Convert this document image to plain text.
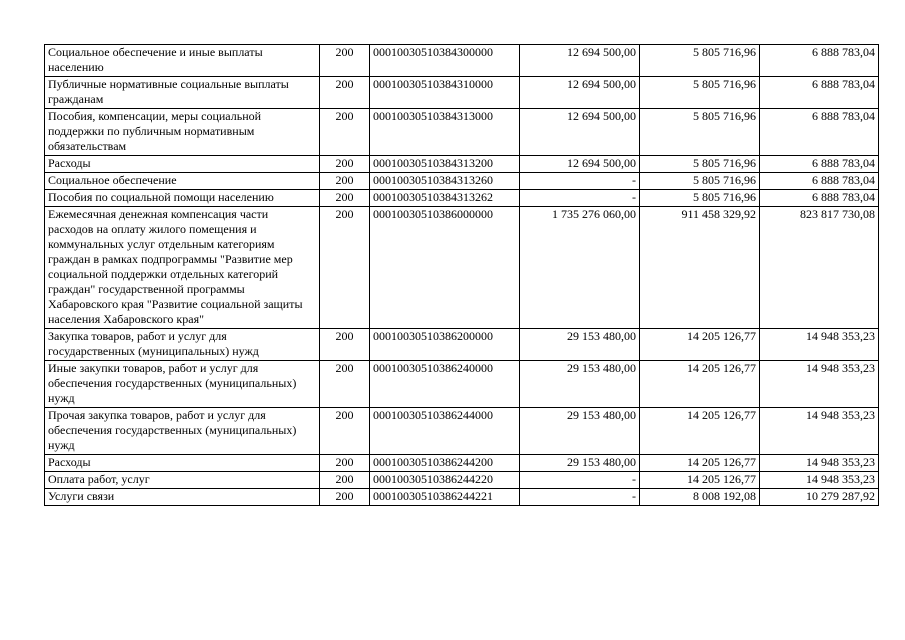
Социальное обеспечение и иные выплаты населению	200	00010030510384300000	12 694 500,00	5 805 716,96	6 888 783,04
Публичные нормативные социальные выплаты гражданам	200	00010030510384310000	12 694 500,00	5 805 716,96	6 888 783,04
Пособия, компенсации, меры социальной поддержки по публичным нормативным обязательствам	200	00010030510384313000	12 694 500,00	5 805 716,96	6 888 783,04
Расходы	200	00010030510384313200	12 694 500,00	5 805 716,96	6 888 783,04
Социальное обеспечение	200	00010030510384313260	-	5 805 716,96	6 888 783,04
Пособия по социальной помощи населению	200	00010030510384313262	-	5 805 716,96	6 888 783,04
Ежемесячная денежная компенсация части расходов на оплату жилого помещения и коммунальных услуг отдельным категориям граждан в рамках подпрограммы "Развитие мер социальной поддержки отдельных категорий граждан" государственной программы Хабаровского края "Развитие социальной защиты населения Хабаровского края"	200	00010030510386000000	1 735 276 060,00	911 458 329,92	823 817 730,08
Закупка товаров, работ и услуг для государственных (муниципальных) нужд	200	00010030510386200000	29 153 480,00	14 205 126,77	14 948 353,23
Иные закупки товаров, работ и услуг для обеспечения государственных (муниципальных) нужд	200	00010030510386240000	29 153 480,00	14 205 126,77	14 948 353,23
Прочая закупка товаров, работ и услуг для обеспечения государственных (муниципальных) нужд	200	00010030510386244000	29 153 480,00	14 205 126,77	14 948 353,23
Расходы	200	00010030510386244200	29 153 480,00	14 205 126,77	14 948 353,23
Оплата работ, услуг	200	00010030510386244220	-	14 205 126,77	14 948 353,23
Услуги связи	200	00010030510386244221	-	8 008 192,08	10 279 287,92
